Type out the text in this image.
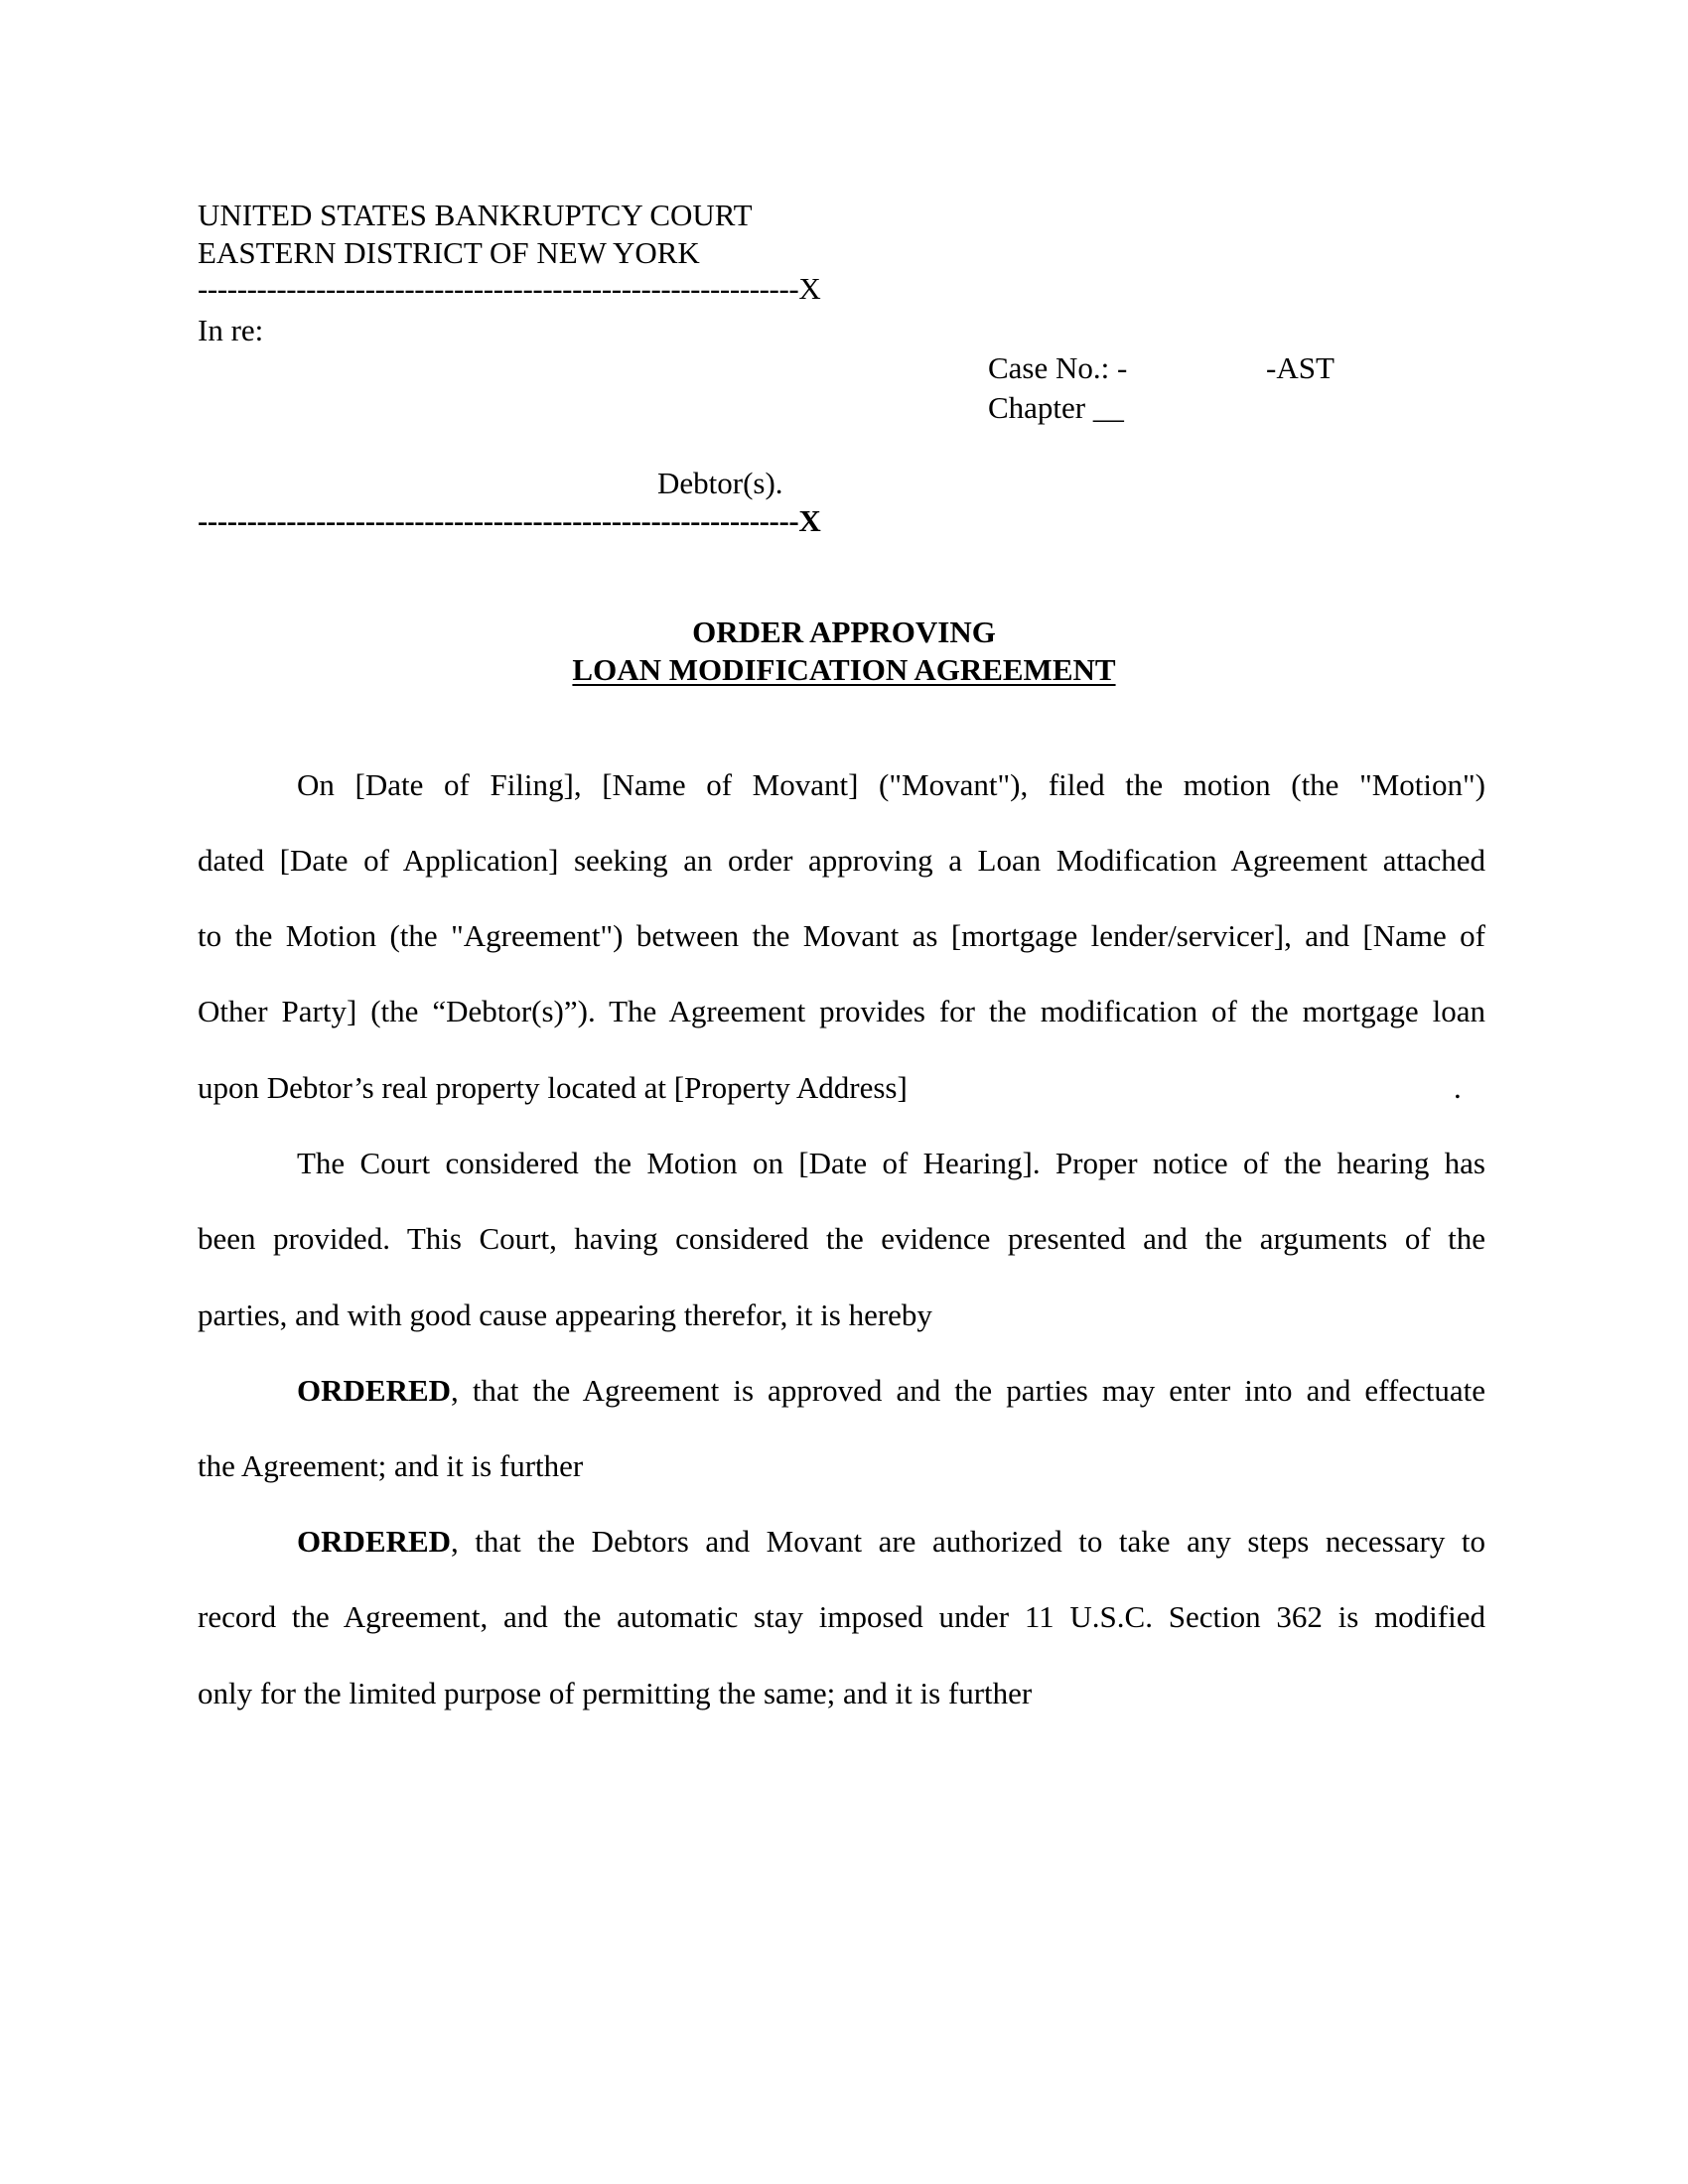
UNITED STATES BANKRUPTCY COURT
EASTERN DISTRICT OF NEW YORK
-------------------------------------------------------------X
In re:
Case No.: -	-AST
Chapter __
Debtor(s).
-------------------------------------------------------------X
ORDER APPROVING
LOAN MODIFICATION AGREEMENT
On [Date of Filing], [Name of Movant] ("Movant"), filed the motion (the "Motion")
dated [Date of Application] seeking an order approving a Loan Modification Agreement attached
to the Motion (the "Agreement") between the Movant as [mortgage lender/servicer], and [Name of
Other Party] (the “Debtor(s)”). The Agreement provides for the modification of the mortgage loan
upon Debtor’s real property located at [Property Address]	.
The Court considered the Motion on [Date of Hearing]. Proper notice of the hearing has
been provided. This Court, having considered the evidence presented and the arguments of the
parties, and with good cause appearing therefor, it is hereby
ORDERED, that the Agreement is approved and the parties may enter into and effectuate
the Agreement; and it is further
ORDERED, that the Debtors and Movant are authorized to take any steps necessary to
record the Agreement, and the automatic stay imposed under 11 U.S.C. Section 362 is modified
only for the limited purpose of permitting the same; and it is further
